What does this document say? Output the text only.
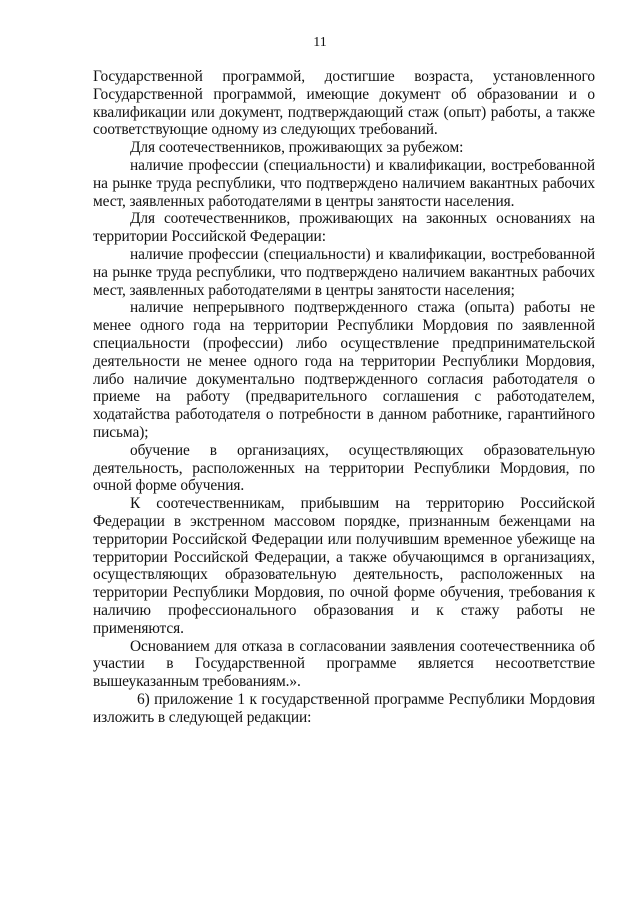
11

Государственной программой, достигшие возраста, установленного Государственной программой, имеющие документ об образовании и о квалификации или документ, подтверждающий стаж (опыт) работы, а также соответствующие одному из следующих требований.

Для соотечественников, проживающих за рубежом:

наличие профессии (специальности) и квалификации, востребованной на рынке труда республики, что подтверждено наличием вакантных рабочих мест, заявленных работодателями в центры занятости населения.

Для соотечественников, проживающих на законных основаниях на территории Российской Федерации:

наличие профессии (специальности) и квалификации, востребованной на рынке труда республики, что подтверждено наличием вакантных рабочих мест, заявленных работодателями в центры занятости населения;

наличие непрерывного подтвержденного стажа (опыта) работы не менее одного года на территории Республики Мордовия по заявленной специальности (профессии) либо осуществление предпринимательской деятельности не менее одного года на территории Республики Мордовия, либо наличие документально подтвержденного согласия работодателя о приеме на работу (предварительного соглашения с работодателем, ходатайства работодателя о потребности в данном работнике, гарантийного письма);

обучение в организациях, осуществляющих образовательную деятельность, расположенных на территории Республики Мордовия, по очной форме обучения.

К соотечественникам, прибывшим на территорию Российской Федерации в экстренном массовом порядке, признанным беженцами на территории Российской Федерации или получившим временное убежище на территории Российской Федерации, а также обучающимся в организациях, осуществляющих образовательную деятельность, расположенных на территории Республики Мордовия, по очной форме обучения, требования к наличию профессионального образования и к стажу работы не применяются.

Основанием для отказа в согласовании заявления соотечественника об участии в Государственной программе является несоответствие вышеуказанным требованиям.».

6) приложение 1 к государственной программе Республики Мордовия изложить в следующей редакции:
